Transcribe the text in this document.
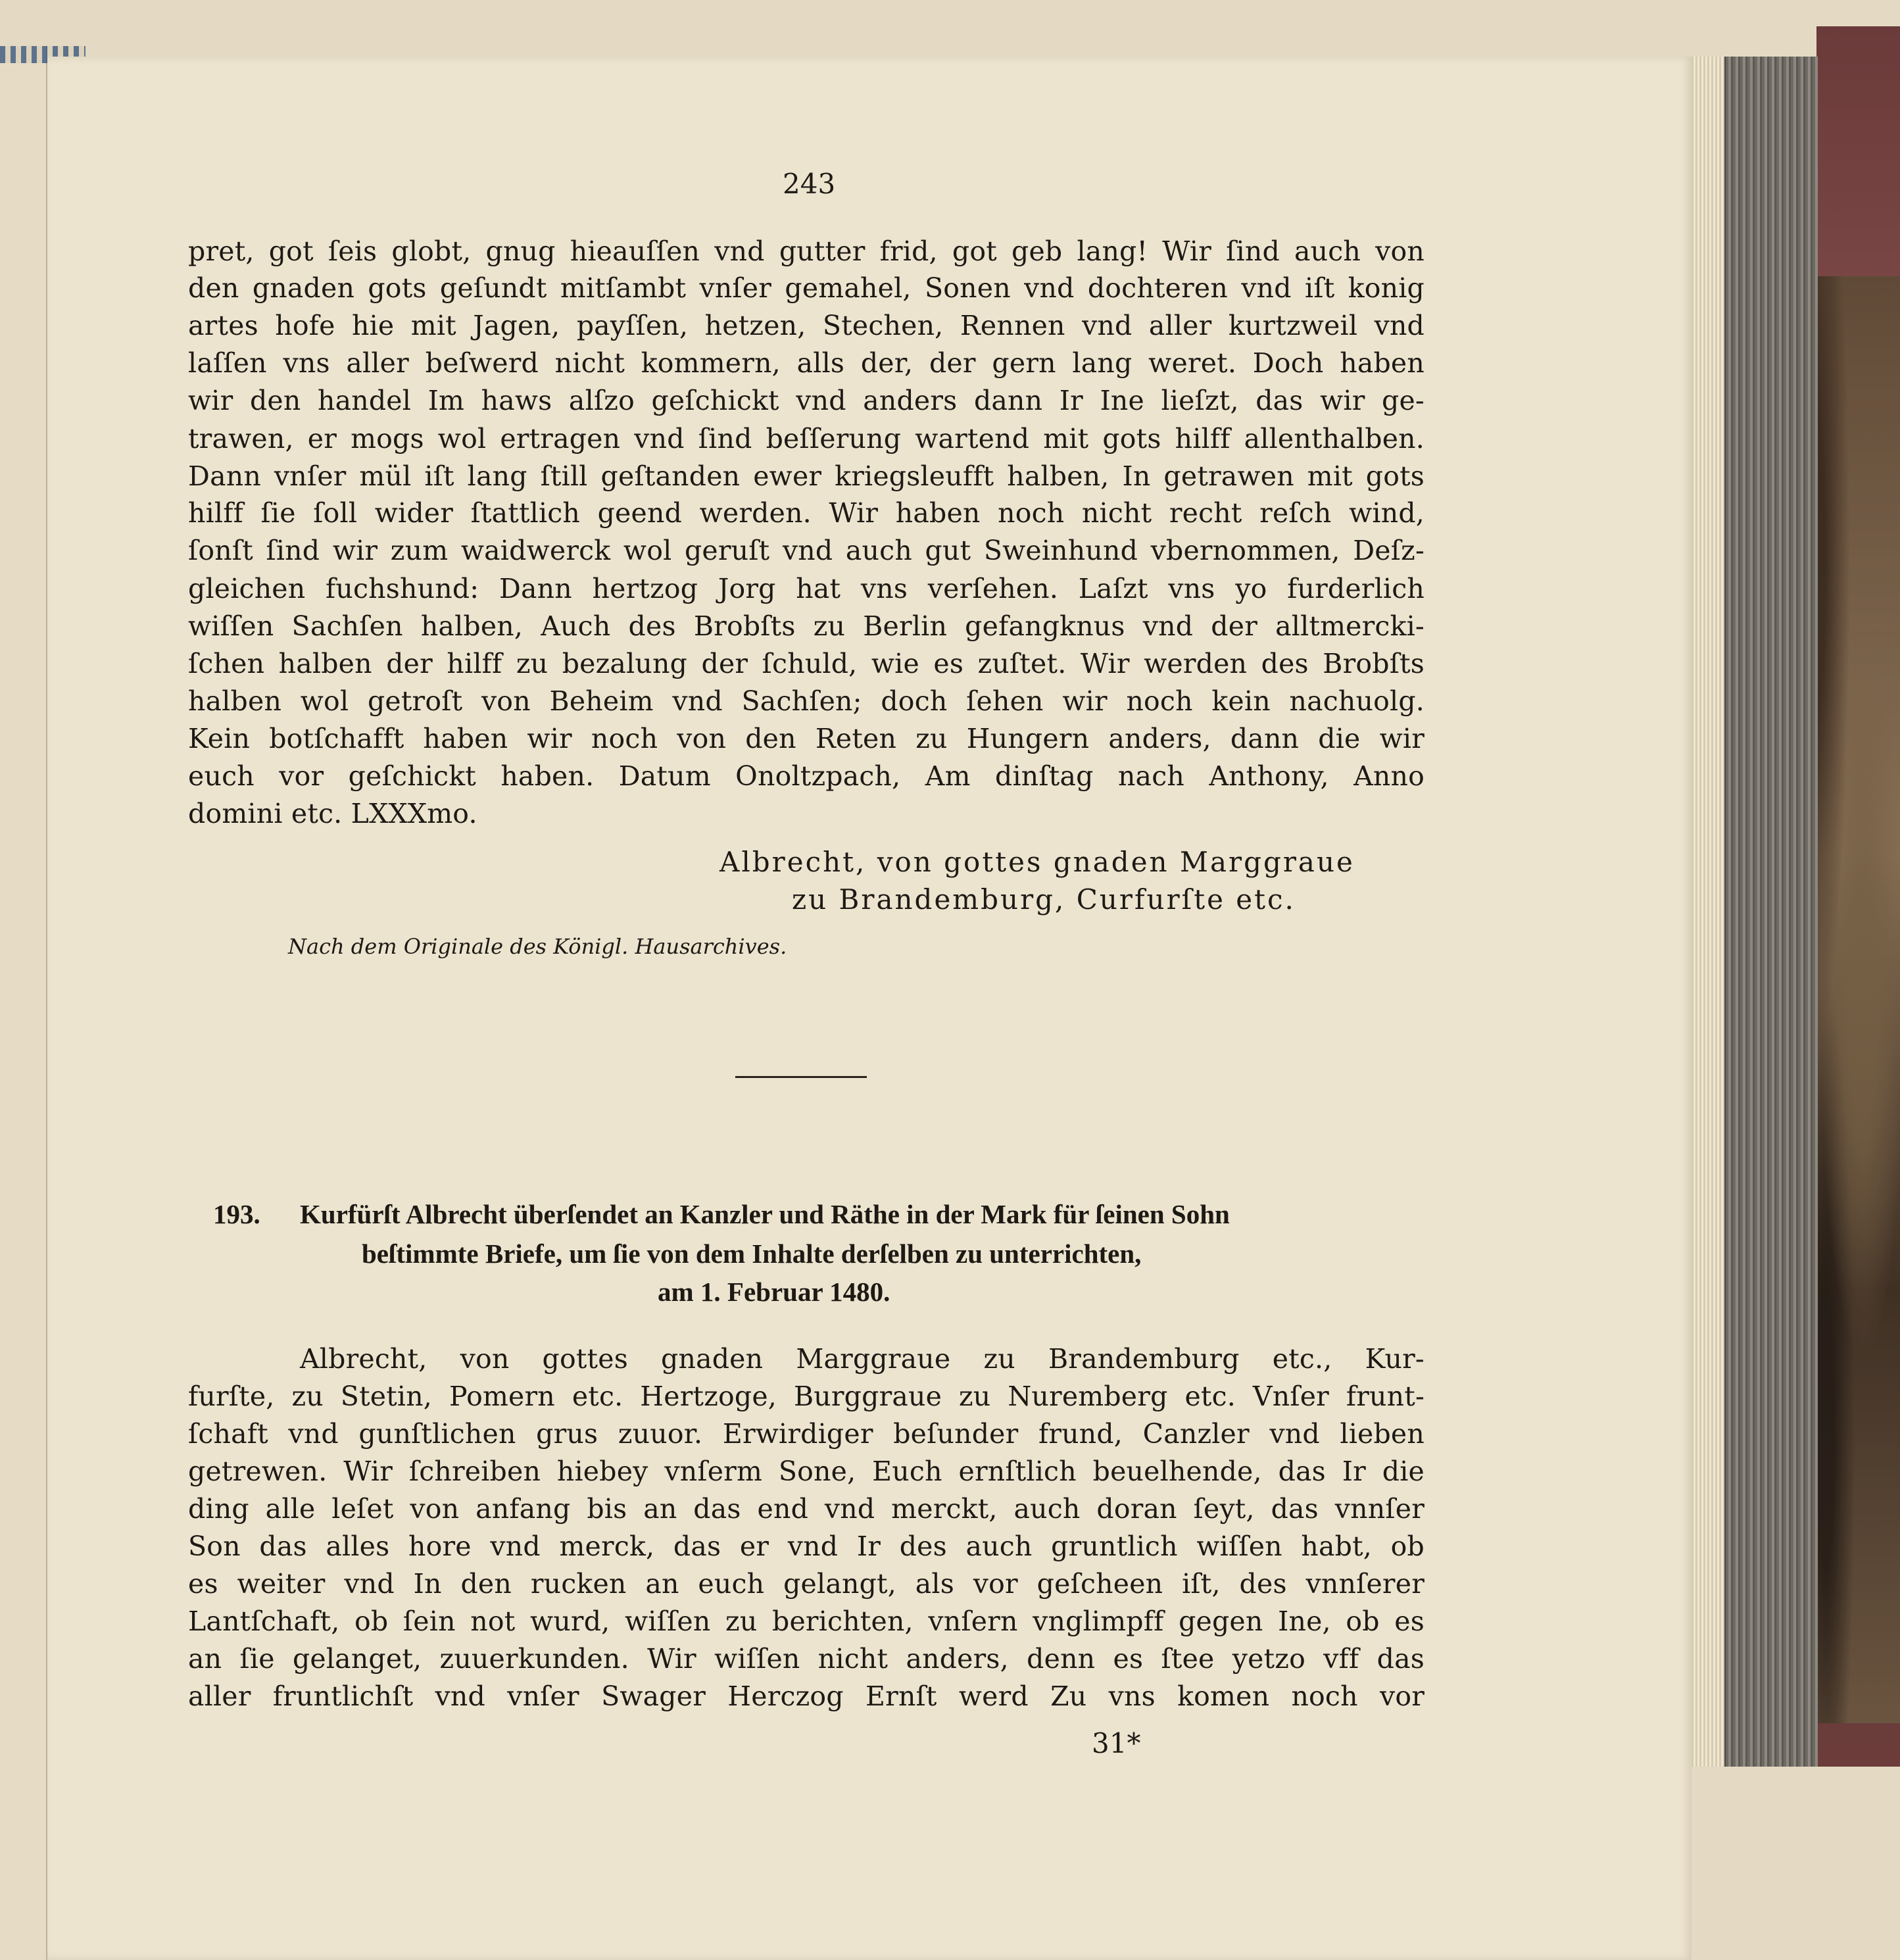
243
pret, got ſeis globt, gnug hieauſſen vnd gutter frid, got geb lang! Wir ſind auch von
den gnaden gots geſundt mitſambt vnſer gemahel, Sonen vnd dochteren vnd iſt konig
artes hofe hie mit Jagen, payſſen, hetzen, Stechen, Rennen vnd aller kurtzweil vnd
laſſen vns aller beſwerd nicht kommern, alls der, der gern lang weret. Doch haben
wir den handel Im haws alſzo geſchickt vnd anders dann Ir Ine lieſzt, das wir ge-
trawen, er mogs wol ertragen vnd ſind beſſerung wartend mit gots hilff allenthalben.
Dann vnſer mül iſt lang ſtill geſtanden ewer kriegsleufft halben, In getrawen mit gots
hilff ſie ſoll wider ſtattlich geend werden. Wir haben noch nicht recht reſch wind,
ſonſt ſind wir zum waidwerck wol geruſt vnd auch gut Sweinhund vbernommen, Deſz-
gleichen fuchshund: Dann hertzog Jorg hat vns verſehen. Laſzt vns yo furderlich
wiſſen Sachſen halben, Auch des Brobſts zu Berlin gefangknus vnd der alltmercki-
ſchen halben der hilff zu bezalung der ſchuld, wie es zuſtet. Wir werden des Brobſts
halben wol getroſt von Beheim vnd Sachſen; doch ſehen wir noch kein nachuolg.
Kein botſchafft haben wir noch von den Reten zu Hungern anders, dann die wir
euch vor geſchickt haben. Datum Onoltzpach, Am dinſtag nach Anthony, Anno
domini etc. LXXXmo.
Albrecht, von gottes gnaden Marggraue
zu Brandemburg, Curfurſte etc.
Nach dem Originale des Königl. Hausarchives.
193. Kurfürſt Albrecht überſendet an Kanzler und Räthe in der Mark für ſeinen Sohn
beſtimmte Briefe, um ſie von dem Inhalte derſelben zu unterrichten,
am 1. Februar 1480.
Albrecht, von gottes gnaden Marggraue zu Brandemburg etc., Kur-
furſte, zu Stetin, Pomern etc. Hertzoge, Burggraue zu Nuremberg etc. Vnſer frunt-
ſchaft vnd gunſtlichen grus zuuor. Erwirdiger beſunder frund, Canzler vnd lieben
getrewen. Wir ſchreiben hiebey vnſerm Sone, Euch ernſtlich beuelhende, das Ir die
ding alle leſet von anfang bis an das end vnd merckt, auch doran ſeyt, das vnnſer
Son das alles hore vnd merck, das er vnd Ir des auch gruntlich wiſſen habt, ob
es weiter vnd In den rucken an euch gelangt, als vor geſcheen iſt, des vnnſerer
Lantſchaft, ob ſein not wurd, wiſſen zu berichten, vnſern vnglimpff gegen Ine, ob es
an ſie gelanget, zuuerkunden. Wir wiſſen nicht anders, denn es ſtee yetzo vff das
aller fruntlichſt vnd vnſer Swager Herczog Ernſt werd Zu vns komen noch vor
31*
